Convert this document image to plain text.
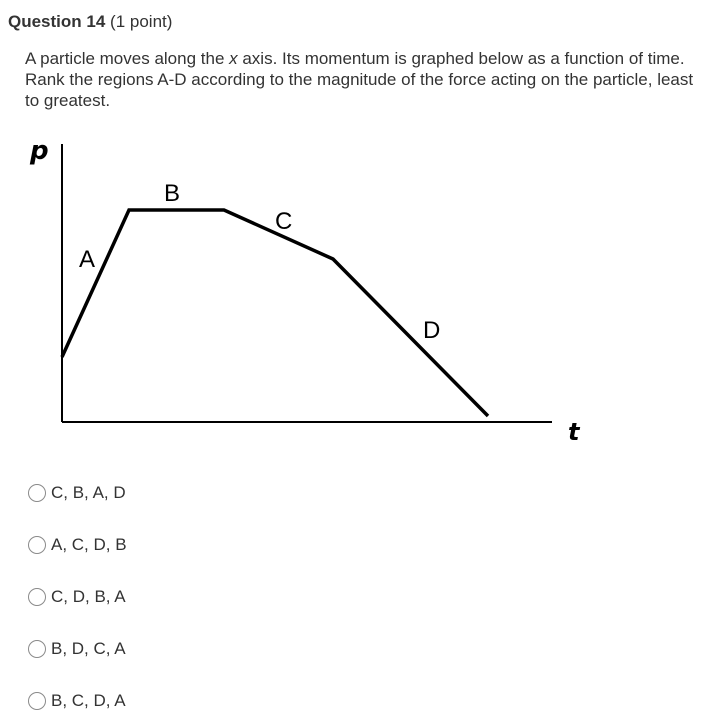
Question 14 (1 point)
A particle moves along the x axis. Its momentum is graphed below as a function of time. Rank the regions A-D according to the magnitude of the force acting on the particle, least to greatest.
p
t
A
B
C
D
C, B, A, D
A, C, D, B
C, D, B, A
B, D, C, A
B, C, D, A
